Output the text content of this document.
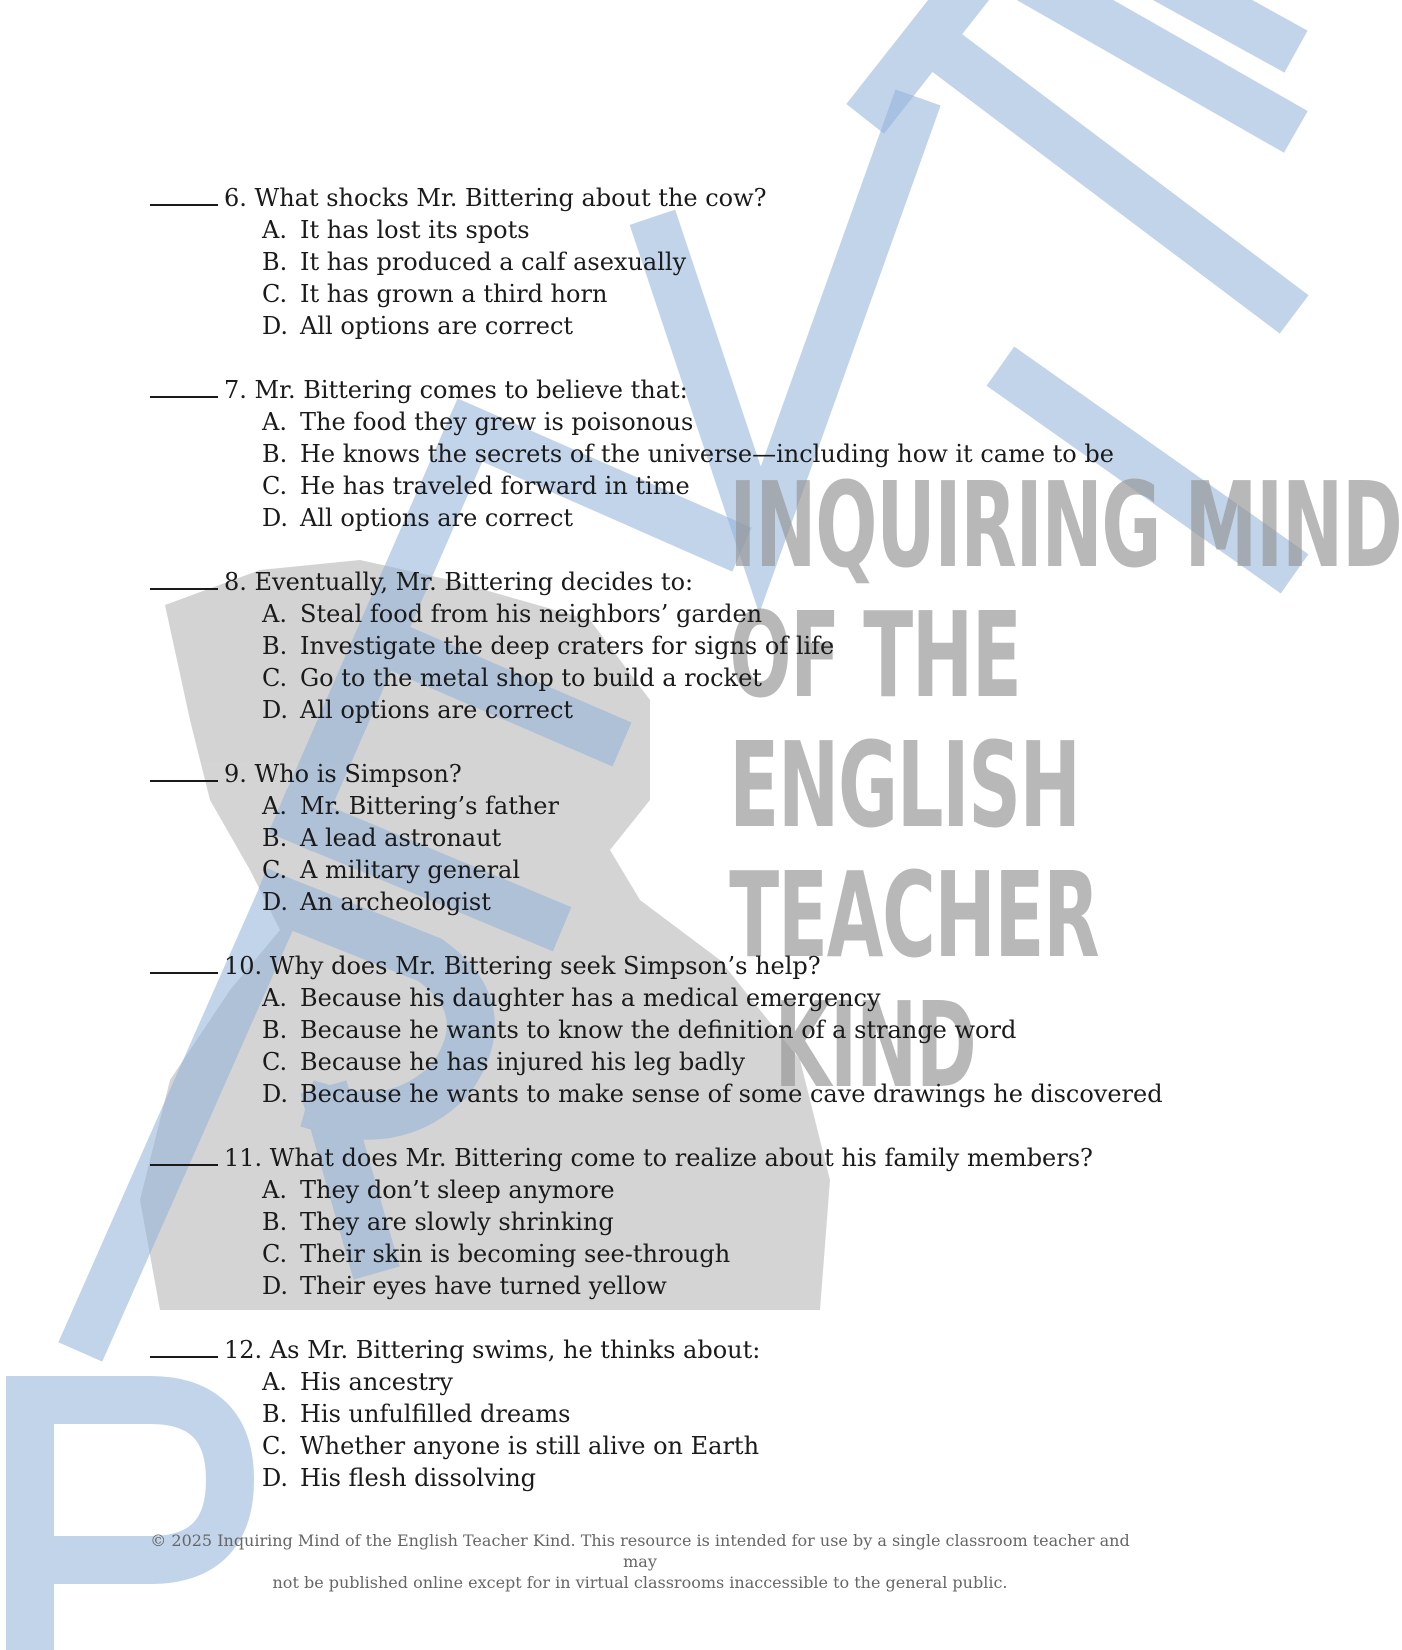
INQUIRING MIND
OF THE
ENGLISH
TEACHER
KIND
6. What shocks Mr. Bittering about the cow?
A. It has lost its spots
B. It has produced a calf asexually
C. It has grown a third horn
D. All options are correct
7. Mr. Bittering comes to believe that:
A. The food they grew is poisonous
B. He knows the secrets of the universe—including how it came to be
C. He has traveled forward in time
D. All options are correct
8. Eventually, Mr. Bittering decides to:
A. Steal food from his neighbors’ garden
B. Investigate the deep craters for signs of life
C. Go to the metal shop to build a rocket
D. All options are correct
9. Who is Simpson?
A. Mr. Bittering’s father
B. A lead astronaut
C. A military general
D. An archeologist
10. Why does Mr. Bittering seek Simpson’s help?
A. Because his daughter has a medical emergency
B. Because he wants to know the definition of a strange word
C. Because he has injured his leg badly
D. Because he wants to make sense of some cave drawings he discovered
11. What does Mr. Bittering come to realize about his family members?
A. They don’t sleep anymore
B. They are slowly shrinking
C. Their skin is becoming see-through
D. Their eyes have turned yellow
12. As Mr. Bittering swims, he thinks about:
A. His ancestry
B. His unfulfilled dreams
C. Whether anyone is still alive on Earth
D. His flesh dissolving
© 2025 Inquiring Mind of the English Teacher Kind. This resource is intended for use by a single classroom teacher and may
not be published online except for in virtual classrooms inaccessible to the general public.
